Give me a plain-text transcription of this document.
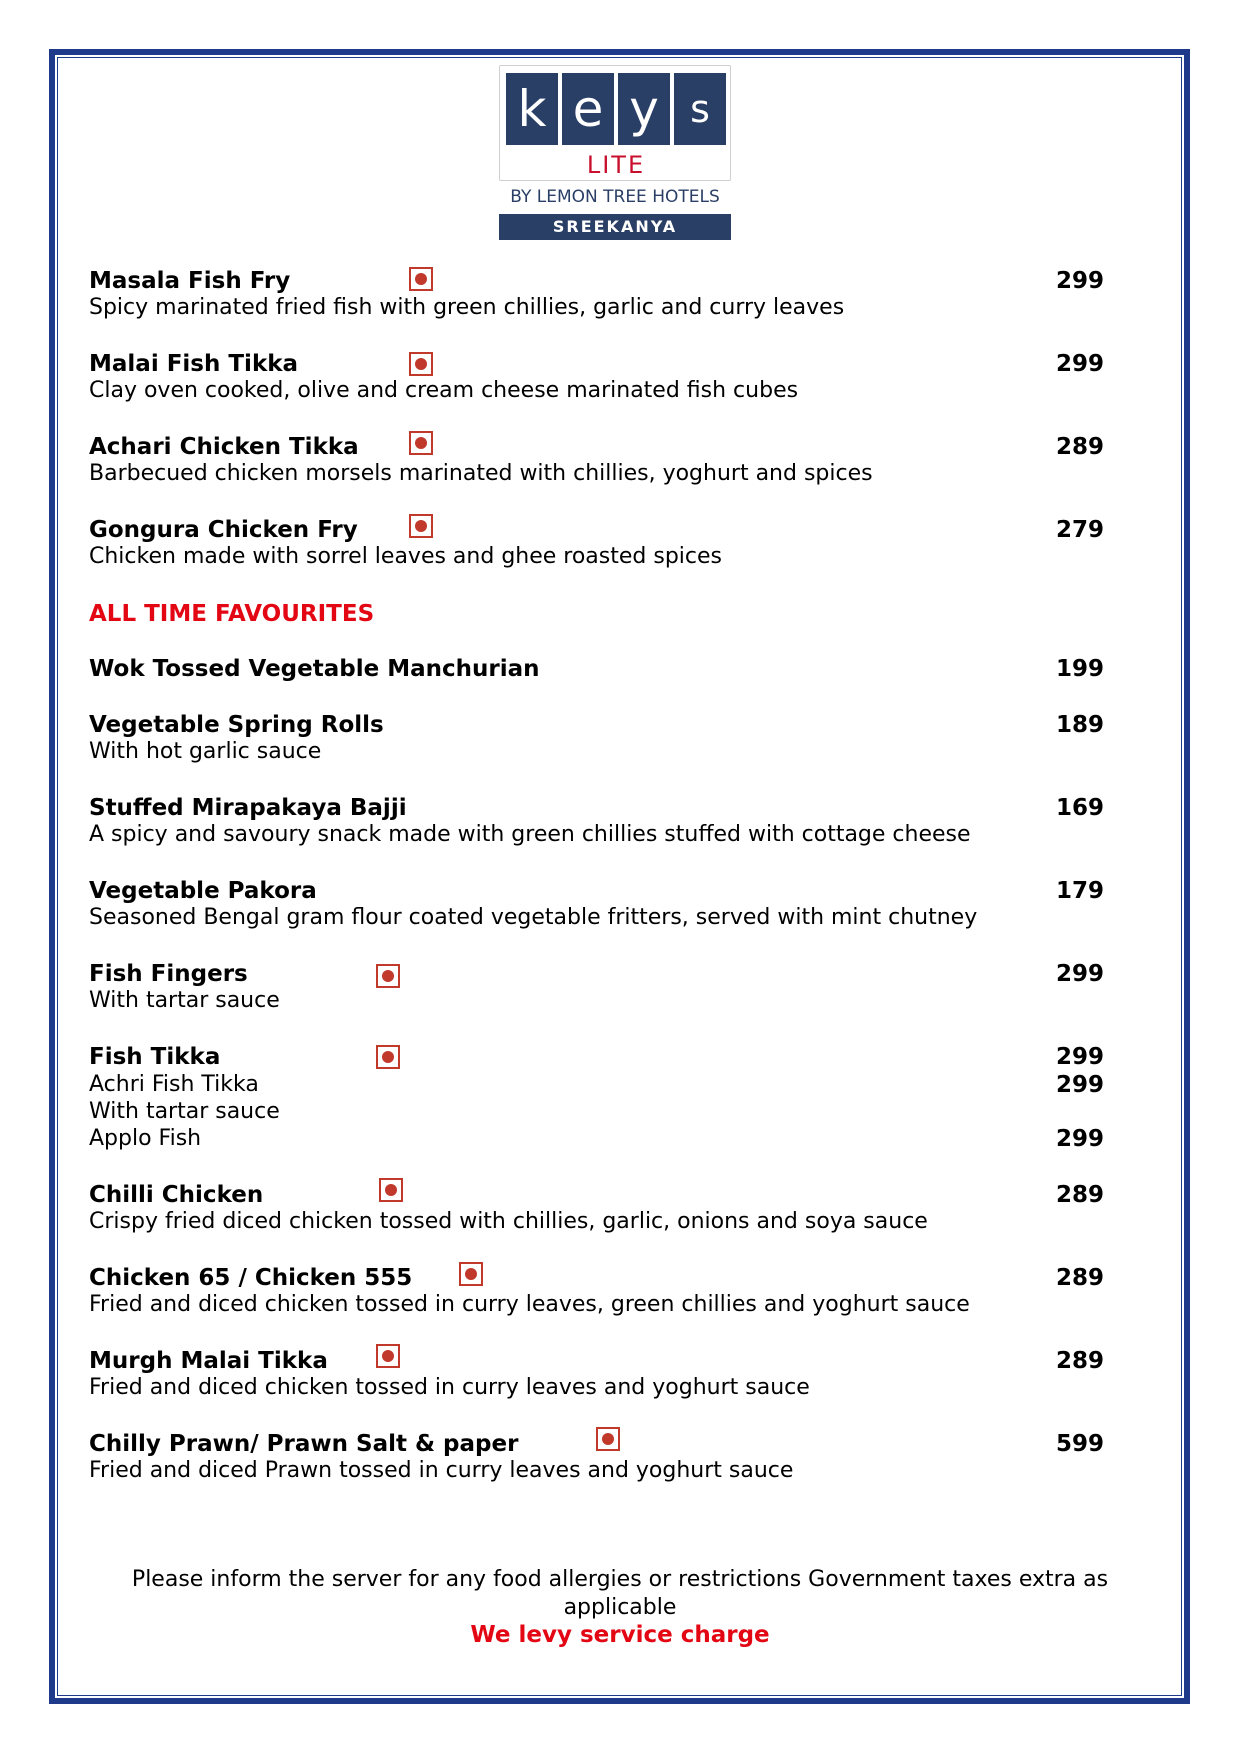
k e y s
LITE
BY LEMON TREE HOTELS
SREEKANYA
Masala Fish Fry	299
Spicy marinated fried fish with green chillies, garlic and curry leaves
Malai Fish Tikka	299
Clay oven cooked, olive and cream cheese marinated fish cubes
Achari Chicken Tikka	289
Barbecued chicken morsels marinated with chillies, yoghurt and spices
Gongura Chicken Fry	279
Chicken made with sorrel leaves and ghee roasted spices
ALL TIME FAVOURITES
Wok Tossed Vegetable Manchurian	199
Vegetable Spring Rolls	189
With hot garlic sauce
Stuffed Mirapakaya Bajji	169
A spicy and savoury snack made with green chillies stuffed with cottage cheese
Vegetable Pakora	179
Seasoned Bengal gram flour coated vegetable fritters, served with mint chutney
Fish Fingers	299
With tartar sauce
Fish Tikka	299
Achri Fish Tikka	299
With tartar sauce
Applo Fish	299
Chilli Chicken	289
Crispy fried diced chicken tossed with chillies, garlic, onions and soya sauce
Chicken 65 / Chicken 555	289
Fried and diced chicken tossed in curry leaves, green chillies and yoghurt sauce
Murgh Malai Tikka	289
Fried and diced chicken tossed in curry leaves and yoghurt sauce
Chilly Prawn/ Prawn Salt & paper	599
Fried and diced Prawn tossed in curry leaves and yoghurt sauce
Please inform the server for any food allergies or restrictions Government taxes extra as applicable
We levy service charge
